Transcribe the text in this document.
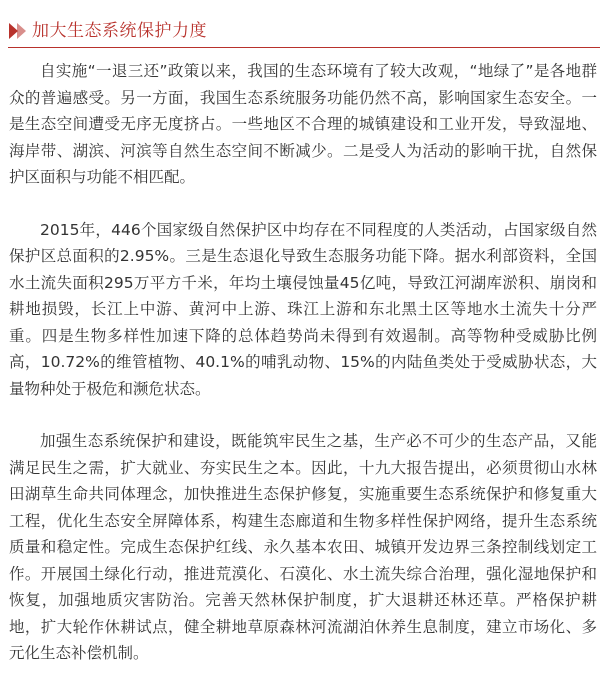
加大生态系统保护力度

自实施“一退三还”政策以来，我国的生态环境有了较大改观，“地绿了”是各地群众的普遍感受。另一方面，我国生态系统服务功能仍然不高，影响国家生态安全。一是生态空间遭受无序无度挤占。一些地区不合理的城镇建设和工业开发，导致湿地、海岸带、湖滨、河滨等自然生态空间不断减少。二是受人为活动的影响干扰，自然保护区面积与功能不相匹配。

2015年，446个国家级自然保护区中均存在不同程度的人类活动，占国家级自然保护区总面积的2.95%。三是生态退化导致生态服务功能下降。据水利部资料，全国水土流失面积295万平方千米，年均土壤侵蚀量45亿吨，导致江河湖库淤积、崩岗和耕地损毁，长江上中游、黄河中上游、珠江上游和东北黑土区等地水土流失十分严重。四是生物多样性加速下降的总体趋势尚未得到有效遏制。高等物种受威胁比例高，10.72%的维管植物、40.1%的哺乳动物、15%的内陆鱼类处于受威胁状态，大量物种处于极危和濒危状态。

加强生态系统保护和建设，既能筑牢民生之基，生产必不可少的生态产品，又能满足民生之需，扩大就业、夯实民生之本。因此，十九大报告提出，必须贯彻山水林田湖草生命共同体理念，加快推进生态保护修复，实施重要生态系统保护和修复重大工程，优化生态安全屏障体系，构建生态廊道和生物多样性保护网络，提升生态系统质量和稳定性。完成生态保护红线、永久基本农田、城镇开发边界三条控制线划定工作。开展国土绿化行动，推进荒漠化、石漠化、水土流失综合治理，强化湿地保护和恢复，加强地质灾害防治。完善天然林保护制度，扩大退耕还林还草。严格保护耕地，扩大轮作休耕试点，健全耕地草原森林河流湖泊休养生息制度，建立市场化、多元化生态补偿机制。
